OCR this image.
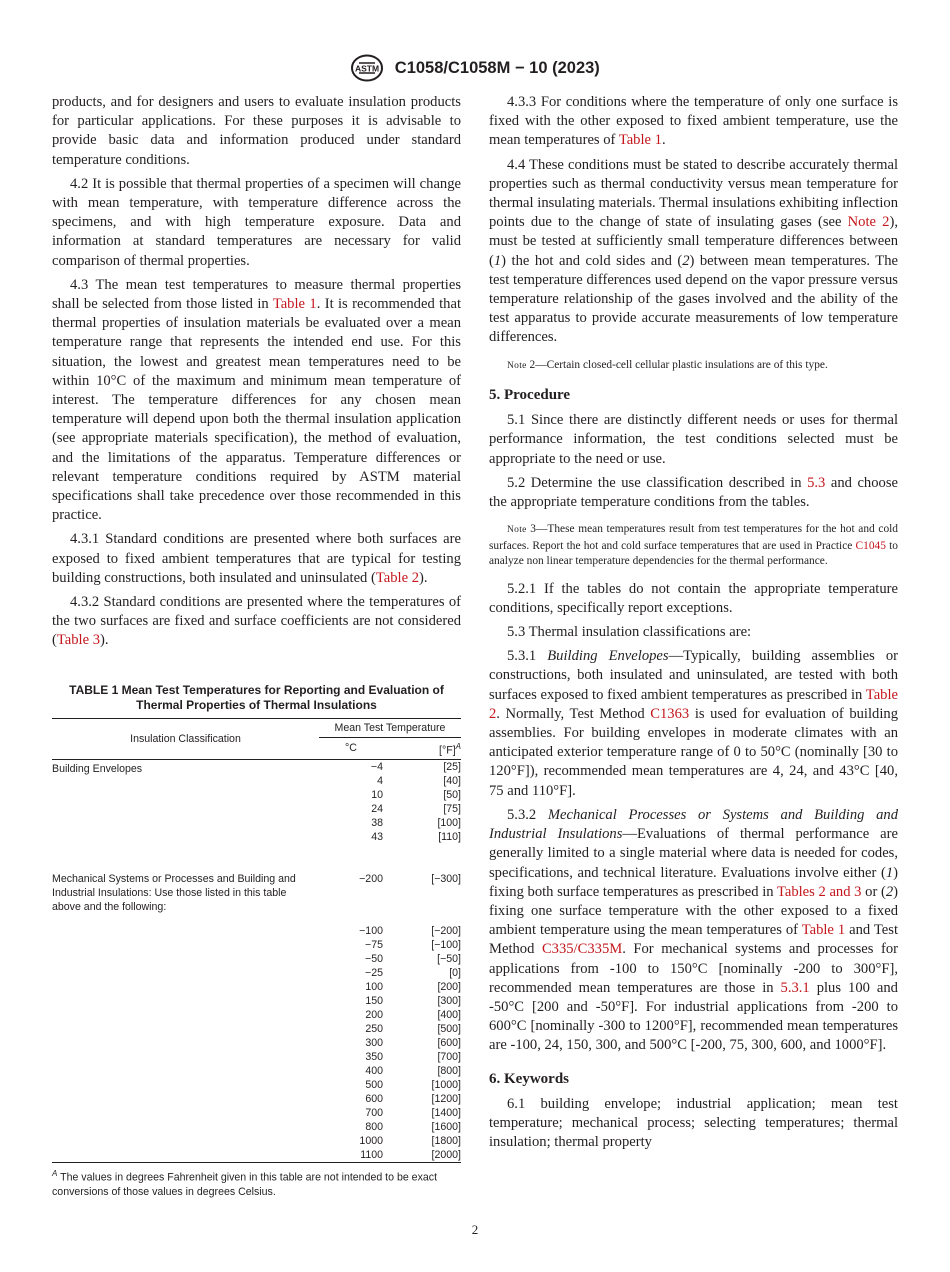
ASTM C1058/C1058M − 10 (2023)

products, and for designers and users to evaluate insulation products for particular applications. For these purposes it is advisable to provide basic data and information produced under standard temperature conditions.

4.2 It is possible that thermal properties of a specimen will change with mean temperature, with temperature difference across the specimens, and with high temperature exposure. Data and information at standard temperatures are necessary for valid comparison of thermal properties.

4.3 The mean test temperatures to measure thermal properties shall be selected from those listed in Table 1. It is recommended that thermal properties of insulation materials be evaluated over a mean temperature range that represents the intended end use. For this situation, the lowest and greatest mean temperatures need to be within 10°C of the maximum and minimum mean temperature of interest. The temperature differences for any chosen mean temperature will depend upon both the thermal insulation application (see appropriate materials specification), the method of evaluation, and the limitations of the apparatus. Temperature differences or relevant temperature conditions required by ASTM material specifications shall take precedence over those recommended in this practice.

4.3.1 Standard conditions are presented where both surfaces are exposed to fixed ambient temperatures that are typical for testing building constructions, both insulated and uninsulated (Table 2).

4.3.2 Standard conditions are presented where the temperatures of the two surfaces are fixed and surface coefficients are not considered (Table 3).

TABLE 1 Mean Test Temperatures for Reporting and Evaluation of Thermal Properties of Thermal Insulations
Insulation Classification	Mean Test Temperature	
	°C	$[^\circ F]^A$
Building Envelopes	−4	[25]
	4	[40]
	10	[50]
	24	[75]
	38	[100]
	43	[110]

Mechanical Systems or Processes and Building and Industrial Insulations: Use those listed in this table above and the following:	−200	[−300]
	−100	[−200]
	−75	[−100]
	−50	[−50]
	−25	[0]
	100	[200]
	150	[300]
	200	[400]
	250	[500]
	300	[600]
	350	[700]
	400	[800]
	500	[1000]
	600	[1200]
	700	[1400]
	800	[1600]
	1000	[1800]
	1100	[2000]
$^A$ The values in degrees Fahrenheit given in this table are not intended to be exact conversions of those values in degrees Celsius.

4.3.3 For conditions where the temperature of only one surface is fixed with the other exposed to fixed ambient temperature, use the mean temperatures of Table 1.

4.4 These conditions must be stated to describe accurately thermal properties such as thermal conductivity versus mean temperature for thermal insulating materials. Thermal insulations exhibiting inflection points due to the change of state of insulating gases (see Note 2), must be tested at sufficiently small temperature differences between (1) the hot and cold sides and (2) between mean temperatures. The test temperature differences used depend on the vapor pressure versus temperature relationship of the gases involved and the ability of the test apparatus to provide accurate measurements of low temperature differences.

Note 2—Certain closed-cell cellular plastic insulations are of this type.
5. Procedure

5.1 Since there are distinctly different needs or uses for thermal performance information, the test conditions selected must be appropriate to the need or use.

5.2 Determine the use classification described in 5.3 and choose the appropriate temperature conditions from the tables.

Note 3—These mean temperatures result from test temperatures for the hot and cold surfaces. Report the hot and cold surface temperatures that are used in Practice C1045 to analyze non linear temperature dependencies for the thermal performance.

5.2.1 If the tables do not contain the appropriate temperature conditions, specifically report exceptions.

5.3 Thermal insulation classifications are:

5.3.1 Building Envelopes—Typically, building assemblies or constructions, both insulated and uninsulated, are tested with both surfaces exposed to fixed ambient temperatures as prescribed in Table 2. Normally, Test Method C1363 is used for evaluation of building assemblies. For building envelopes in moderate climates with an anticipated exterior temperature range of 0 to 50°C (nominally [30 to 120°F]), recommended mean temperatures are 4, 24, and 43°C [40, 75 and 110°F].

5.3.2 Mechanical Processes or Systems and Building and Industrial Insulations—Evaluations of thermal performance are generally limited to a single material where data is needed for codes, specifications, and technical literature. Evaluations involve either (1) fixing both surface temperatures as prescribed in Tables 2 and 3 or (2) fixing one surface temperature with the other exposed to a fixed ambient temperature using the mean temperatures of Table 1 and Test Method C335/C335M. For mechanical systems and processes for applications from -100 to 150°C [nominally -200 to 300°F], recommended mean temperatures are those in 5.3.1 plus 100 and -50°C [200 and -50°F]. For industrial applications from -200 to 600°C [nominally -300 to 1200°F], recommended mean temperatures are -100, 24, 150, 300, and 500°C [-200, 75, 300, 600, and 1000°F].

6. Keywords

6.1 building envelope; industrial application; mean test temperature; mechanical process; selecting temperatures; thermal insulation; thermal property

2
